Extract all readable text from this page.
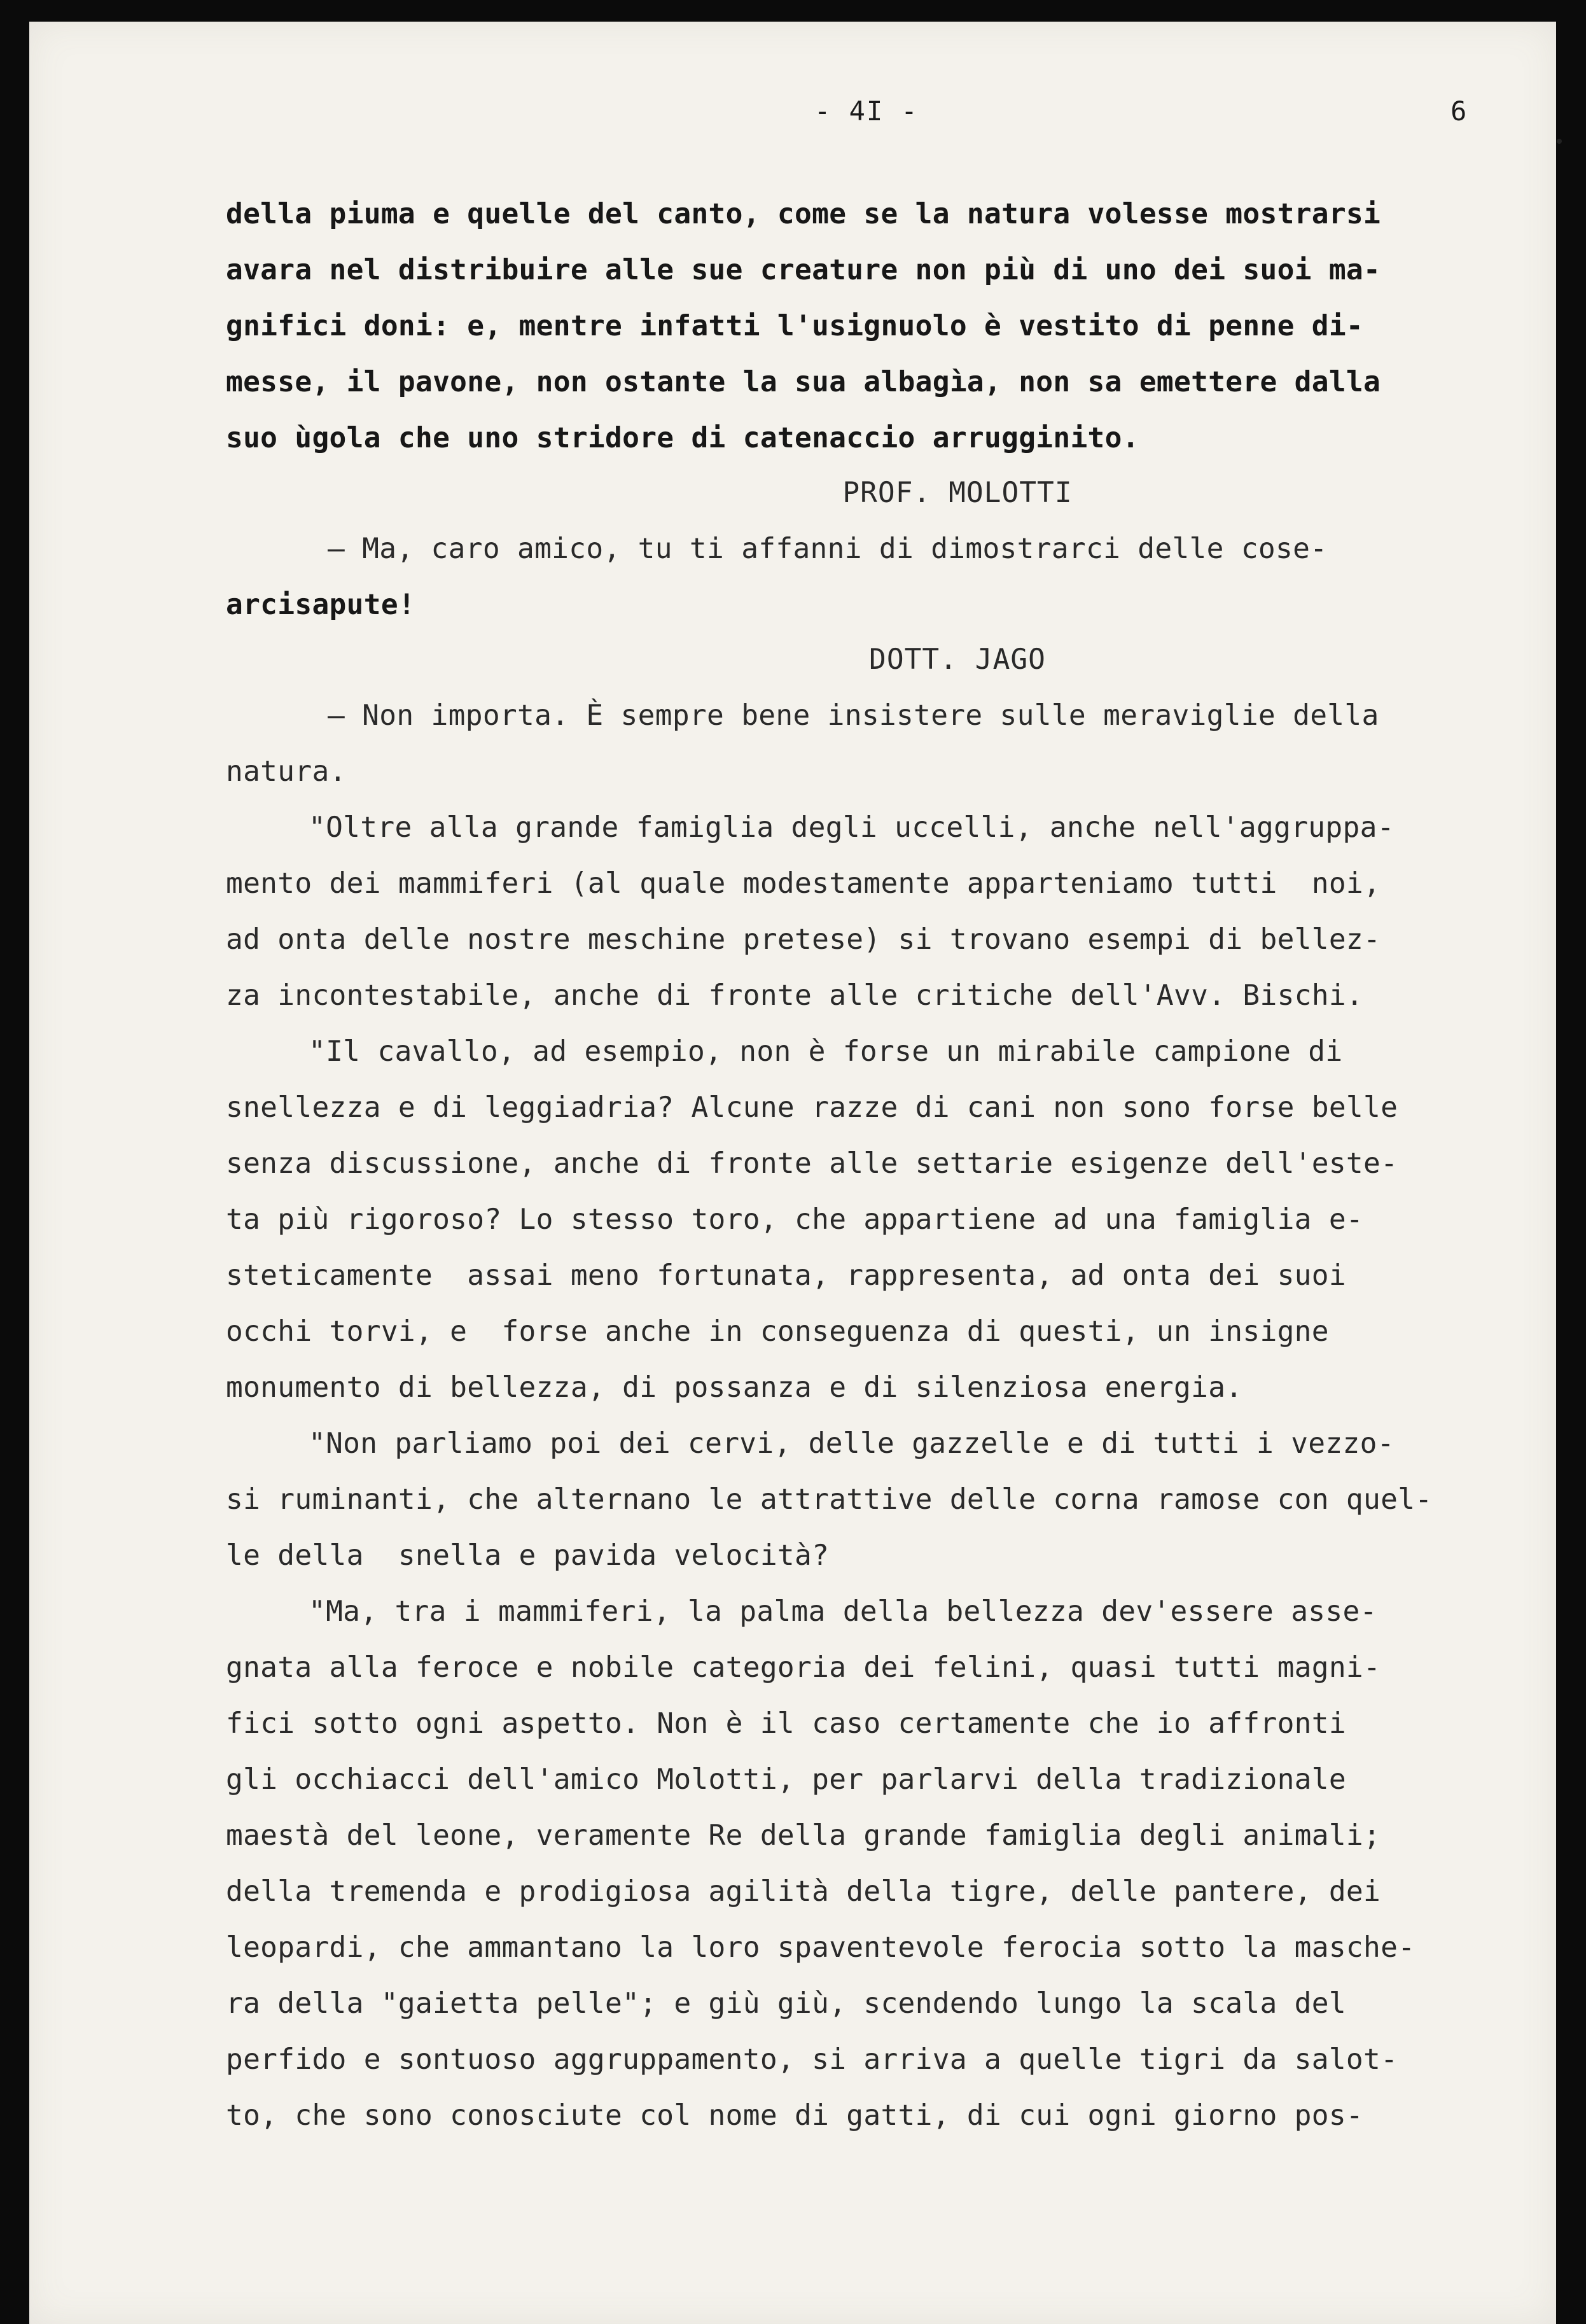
- 4I -	6
della piuma e quelle del canto, come se la natura volesse mostrarsi
avara nel distribuire alle sue creature non più di uno dei suoi ma-
gnifici doni: e, mentre infatti l'usignuolo è vestito di penne di-
messe, il pavone, non ostante la sua albagìa, non sa emettere dalla
suo ùgola che uno stridore di catenaccio arrugginito.
PROF. MOLOTTI
— Ma, caro amico, tu ti affanni di dimostrarci delle cose-
arcisapute!
DOTT. JAGO
— Non importa. È sempre bene insistere sulle meraviglie della
natura.
"Oltre alla grande famiglia degli uccelli, anche nell'aggruppa-
mento dei mammiferi (al quale modestamente apparteniamo tutti  noi,
ad onta delle nostre meschine pretese) si trovano esempi di bellez-
za incontestabile, anche di fronte alle critiche dell'Avv. Bischi.
"Il cavallo, ad esempio, non è forse un mirabile campione di
snellezza e di leggiadria? Alcune razze di cani non sono forse belle
senza discussione, anche di fronte alle settarie esigenze dell'este-
ta più rigoroso? Lo stesso toro, che appartiene ad una famiglia e-
steticamente  assai meno fortunata, rappresenta, ad onta dei suoi
occhi torvi, e  forse anche in conseguenza di questi, un insigne
monumento di bellezza, di possanza e di silenziosa energia.
"Non parliamo poi dei cervi, delle gazzelle e di tutti i vezzo-
si ruminanti, che alternano le attrattive delle corna ramose con quel-
le della  snella e pavida velocità?
"Ma, tra i mammiferi, la palma della bellezza dev'essere asse-
gnata alla feroce e nobile categoria dei felini, quasi tutti magni-
fici sotto ogni aspetto. Non è il caso certamente che io affronti
gli occhiacci dell'amico Molotti, per parlarvi della tradizionale
maestà del leone, veramente Re della grande famiglia degli animali;
della tremenda e prodigiosa agilità della tigre, delle pantere, dei
leopardi, che ammantano la loro spaventevole ferocia sotto la masche-
ra della "gaietta pelle"; e giù giù, scendendo lungo la scala del
perfido e sontuoso aggruppamento, si arriva a quelle tigri da salot-
to, che sono conosciute col nome di gatti, di cui ogni giorno pos-
